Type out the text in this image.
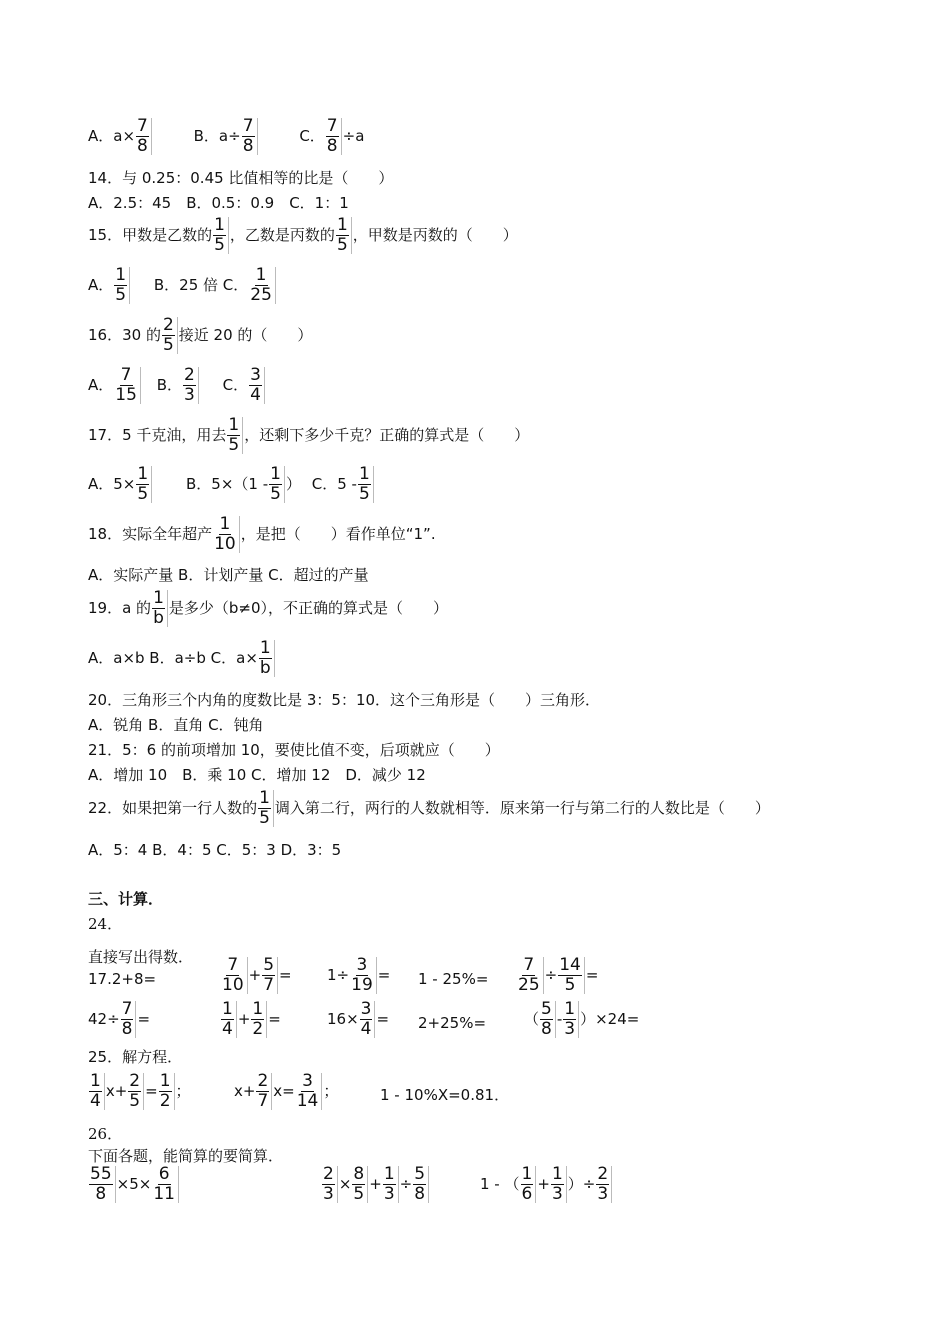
A．$a\times \frac{7}{8}$	B．$a\div \frac{7}{8}$	C． $\frac{7}{8} \div a$
14．与 0.25：0.45 比值相等的比是（　　）
A．2.5：45　B．0.5：0.9　C．1：1
15．甲数是乙数的 $\frac{1}{5}$ ，乙数是丙数的 $\frac{1}{5}$ ，甲数是丙数的（　　）
A． $\frac{1}{5}$ B．25 倍 C． $\frac{1}{25}$
16．30 的 $\frac{2}{5}$ 接近 20 的（　　）
A． $\frac{7}{15}$ B． $\frac{2}{3}$ C． $\frac{3}{4}$
17．5 千克油，用去 $\frac{1}{5}$ ，还剩下多少千克？正确的算式是（　　）
A．$5\times \frac{1}{5}$ B．$5\times(1 - \frac{1}{5}$ ） C．$5 - \frac{1}{5}$
18．实际全年超产 $\frac{1}{10}$ ，是把（　　）看作单位“1”.
A．实际产量 B．计划产量 C．超过的产量
19．a 的 $\frac{1}{b}$ 是多少（b≠0），不正确的算式是（　　）
A．a×b B．a÷b C．$a\times \frac{1}{b}$
20．三角形三个内角的度数比是 3：5：10．这个三角形是（　　）三角形．
A．锐角 B．直角 C．钝角
21．5：6 的前项增加 10，要使比值不变，后项就应（　　）
A．增加 10　B．乘 10 C．增加 12　D．减少 12
22．如果把第一行人数的 $\frac{1}{5}$ 调入第二行，两行的人数就相等．原来第一行与第二行的人数比是（　　）
A．5：4 B．4：5 C．5：3 D．3：5
三、计算．
24．
直接写出得数．
17.2+8=	$\frac{7}{10} + \frac{5}{7} = 1\div \frac{3}{19} = 1 - 25\%= \frac{7}{25} \div \frac{14}{5}$ =
$42\div \frac{7}{8}$ =	$\frac{1}{4} + \frac{1}{2}$ =	$16\times \frac{3}{4} = 2+25\%=$	（ $\frac{5}{8} - \frac{1}{3} )\times 24=$
25．解方程．
$\frac{1}{4} x+ \frac{2}{5} = \frac{1}{2}$ ；	$x+ \frac{2}{7} x= \frac{3}{14}$ ；	1 - 10%X=0.81．
26．
下面各题，能简算的要简算．
$\frac{55}{8} \times 5\times \frac{6}{11}$	$\frac{2}{3} \times \frac{8}{5} + \frac{1}{3} \div \frac{5}{8}$	1 - （ $\frac{1}{6} + \frac{1}{3}$ ）÷ $\frac{2}{3}$
